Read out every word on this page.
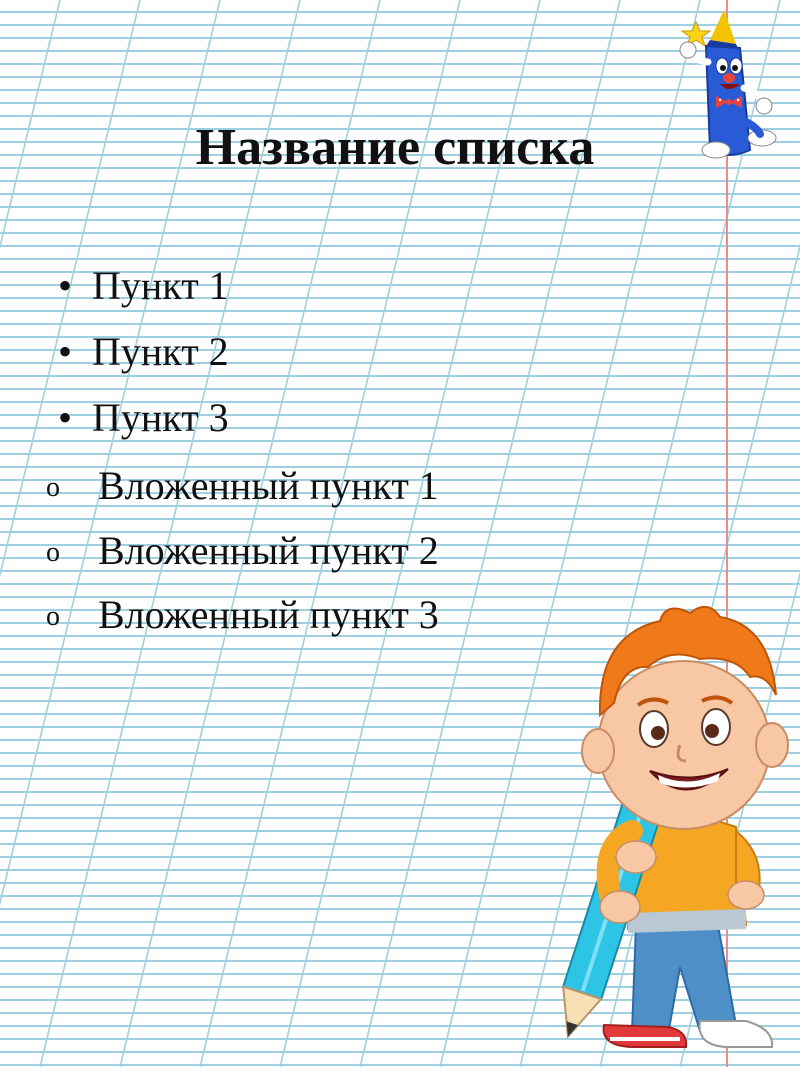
Название списка
• Пункт 1
• Пункт 2
• Пункт 3
o Вложенный пункт 1
o Вложенный пункт 2
o Вложенный пункт 3
